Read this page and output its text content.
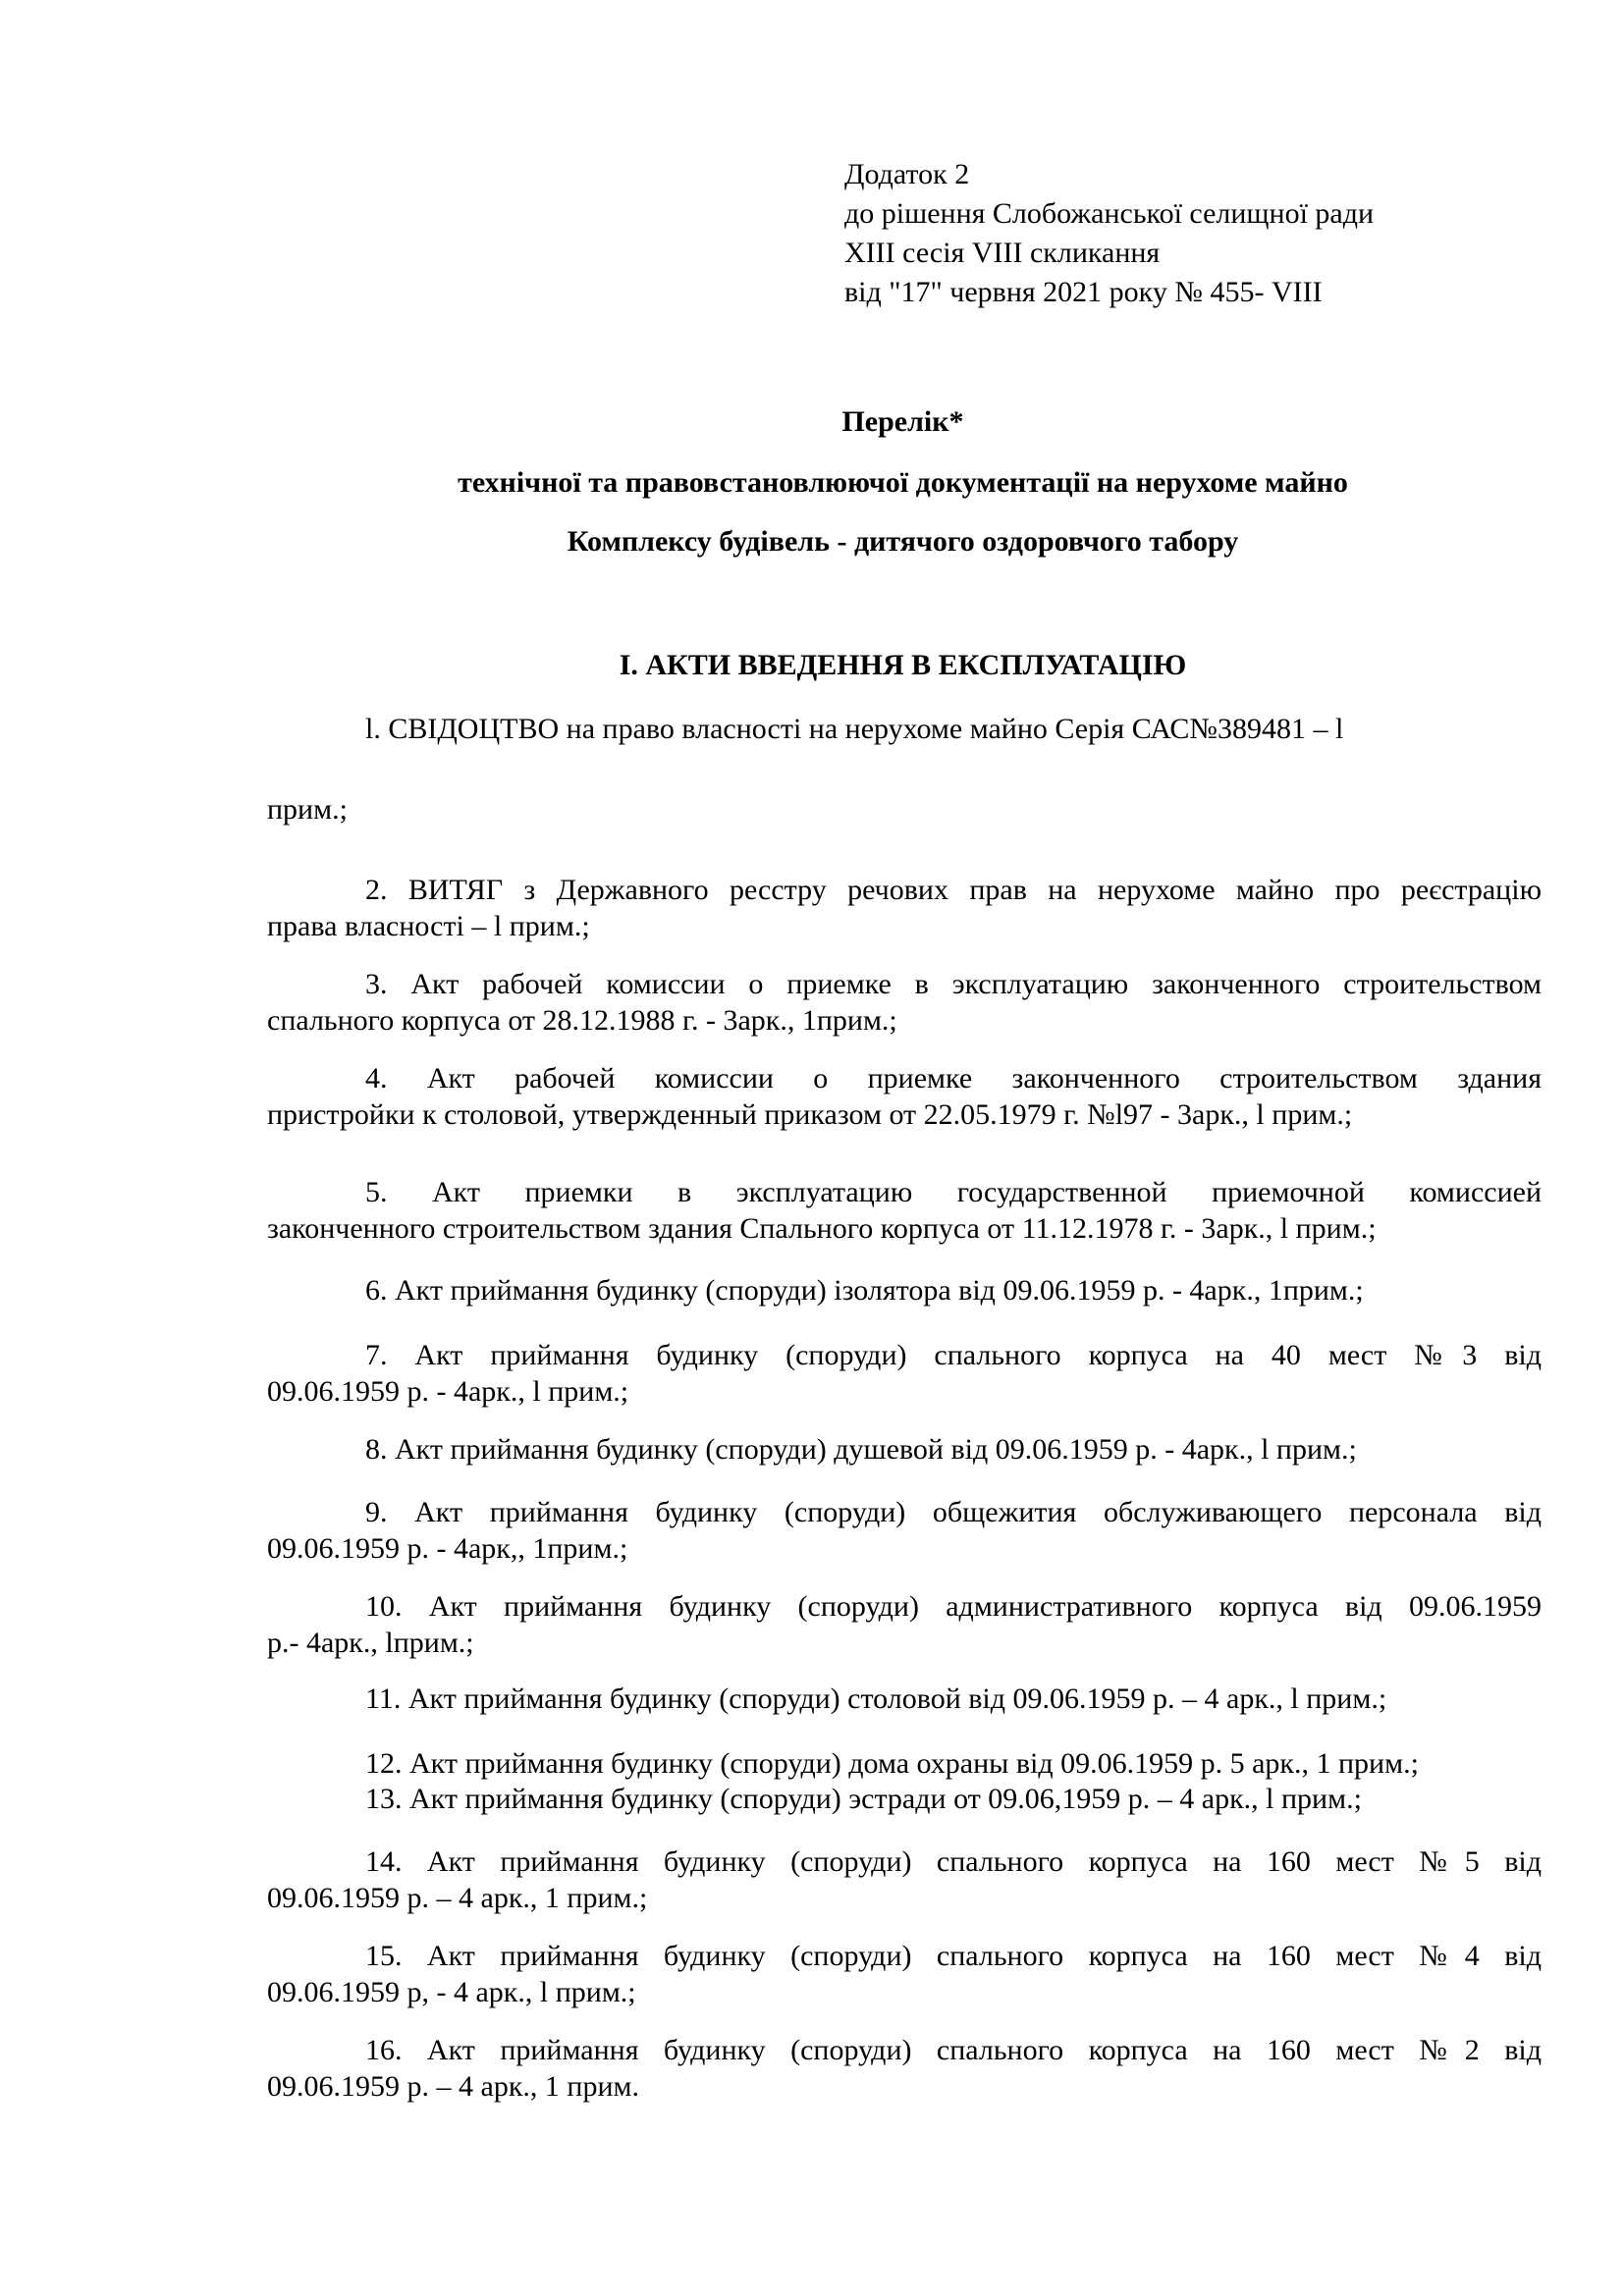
Додаток 2
до рішення Слобожанської селищної ради
XIII сесія VIII скликання
від "17" червня 2021 року № 455- VIII
Перелік*
технічної та правовстановлюючої документації на нерухоме майно
Комплексу будівель - дитячого оздоровчого табору
І. АКТИ ВВЕДЕННЯ В ЕКСПЛУАТАЦІЮ
l. СВІДОЦТВО на право власності на нерухоме майно Серія САС№389481 – l
прим.;
2. ВИТЯГ з Державного ресстру речових прав на нерухоме майно про реєстрацію
права власності – l прим.;
3. Акт рабочей комиссии о приемке в эксплуатацию законченного строительством
спального корпуса от 28.12.1988 г. - 3арк., 1прим.;
4. Акт рабочей комиссии о приемке законченного строительством здания
пристройки к столовой, утвержденный приказом от 22.05.1979 г. №l97 - 3арк., l прим.;
5. Акт приемки в эксплуатацию государственной приемочной комиссией
законченного строительством здания Спального корпуса от 11.12.1978 г. - 3арк., l прим.;
6. Акт приймання будинку (споруди) ізолятора від 09.06.1959 р. - 4арк., 1прим.;
7. Акт приймання будинку (споруди) спального корпуса на 40 мест №3 від
09.06.1959 р. - 4арк., l прим.;
8. Акт приймання будинку (споруди) душевой від 09.06.1959 р. - 4арк., l прим.;
9. Акт приймання будинку (споруди) общежития обслуживающего персонала від
09.06.1959 р. - 4арк,, 1прим.;
10. Акт приймання будинку (споруди) административного корпуса від 09.06.1959
р.- 4арк., lприм.;
11. Акт приймання будинку (споруди) столовой від 09.06.1959 р. – 4 арк., l прим.;
12. Акт приймання будинку (споруди) дома охраны від 09.06.1959 р. 5 арк., 1 прим.;
13. Акт приймання будинку (споруди) эстради от 09.06,1959 р. – 4 арк., l прим.;
14. Акт приймання будинку (споруди) спального корпуса на 160 мест №5 від
09.06.1959 р. – 4 арк., 1 прим.;
15. Акт приймання будинку (споруди) спального корпуса на 160 мест №4 від
09.06.1959 р, - 4 арк., l прим.;
16. Акт приймання будинку (споруди) спального корпуса на 160 мест №2 від
09.06.1959 р. – 4 арк., 1 прим.
